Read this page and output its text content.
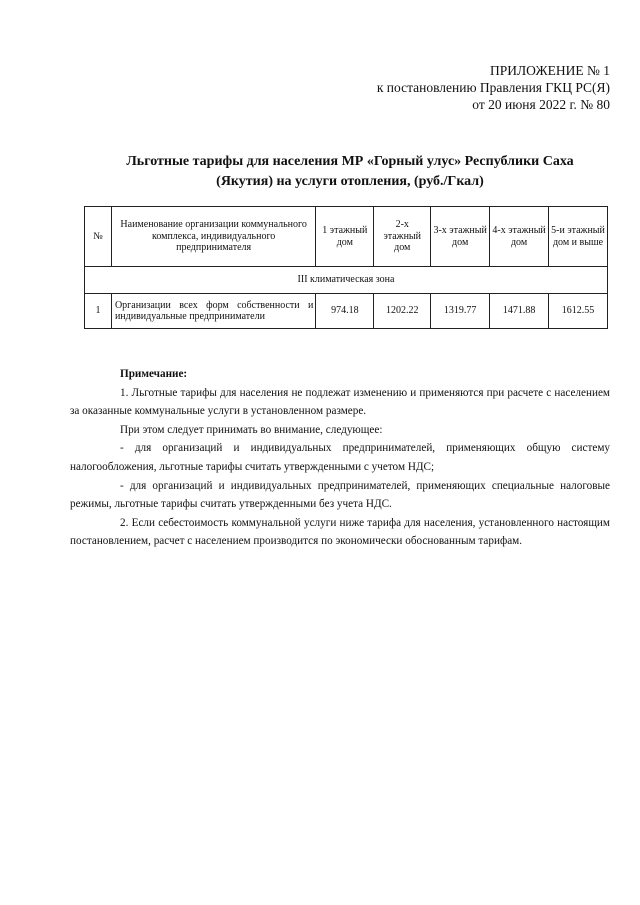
ПРИЛОЖЕНИЕ № 1
к постановлению Правления ГКЦ РС(Я)
от 20 июня 2022 г. № 80
Льготные тарифы для населения МР «Горный улус» Республики Саха
(Якутия) на услуги отопления, (руб./Гкал)
№	Наименование организации коммунального комплекса, индивидуального предпринимателя	1 этажный дом	2-х этажный дом	3-х этажный дом	4-х этажный дом	5-и этажный дом и выше
III климатическая зона						
1	Организации всех форм собственности и индивидуальные предприниматели	974.18	1202.22	1319.77	1471.88	1612.55

Примечание:

1. Льготные тарифы для населения не подлежат изменению и применяются при расчете с населением за оказанные коммунальные услуги в установленном размере.

При этом следует принимать во внимание, следующее:

- для организаций и индивидуальных предпринимателей, применяющих общую систему налогообложения, льготные тарифы считать утвержденными с учетом НДС;

- для организаций и индивидуальных предпринимателей, применяющих специальные налоговые режимы, льготные тарифы считать утвержденными без учета НДС.

2. Если себестоимость коммунальной услуги ниже тарифа для населения, установленного настоящим постановлением, расчет с населением производится по экономически обоснованным тарифам.
